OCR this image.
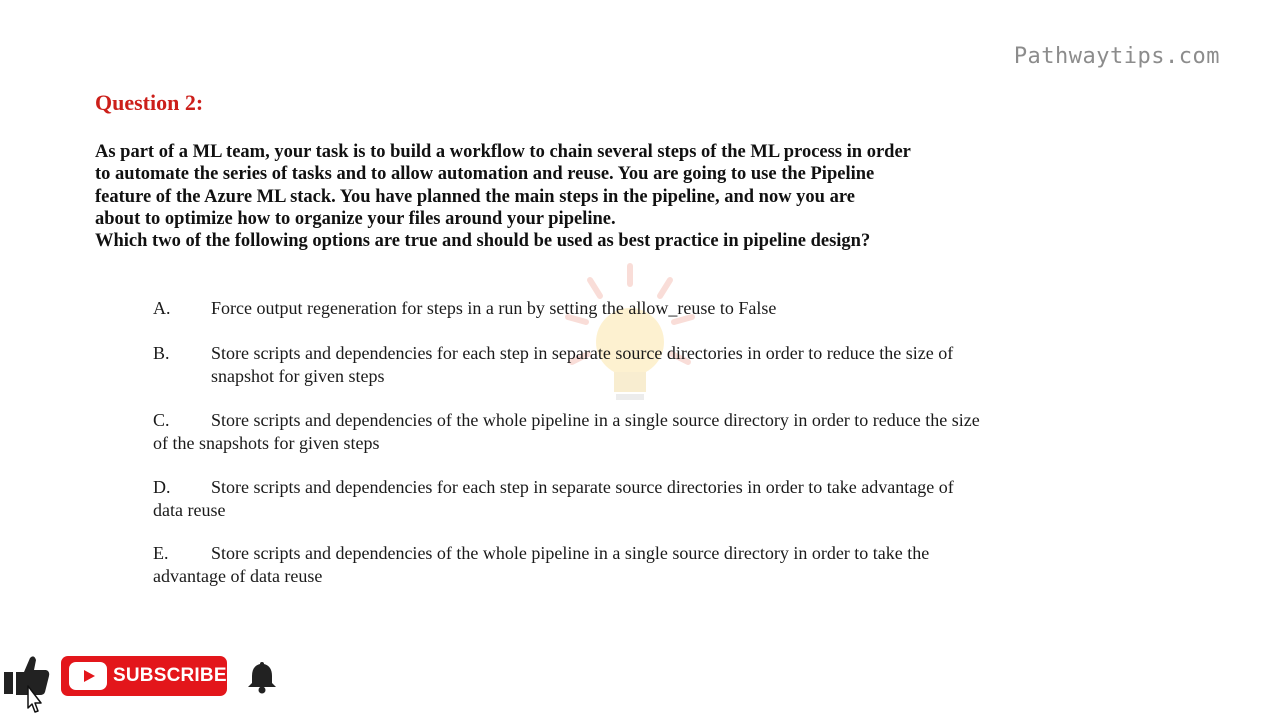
Pathwaytips.com
Question 2:

As part of a ML team, your task is to build a workflow to chain several steps of the ML process in order

to automate the series of tasks and to allow automation and reuse. You are going to use the Pipeline

feature of the Azure ML stack. You have planned the main steps in the pipeline, and now you are

about to optimize how to organize your files around your pipeline.

Which two of the following options are true and should be used as best practice in pipeline design?

A. Force output regeneration for steps in a run by setting the allow_reuse to False
B. Store scripts and dependencies for each step in separate source directories in order to reduce the size of
snapshot for given steps
C. Store scripts and dependencies of the whole pipeline in a single source directory in order to reduce the size
of the snapshots for given steps
D. Store scripts and dependencies for each step in separate source directories in order to take advantage of
data reuse
E. Store scripts and dependencies of the whole pipeline in a single source directory in order to take the
advantage of data reuse
SUBSCRIBE
